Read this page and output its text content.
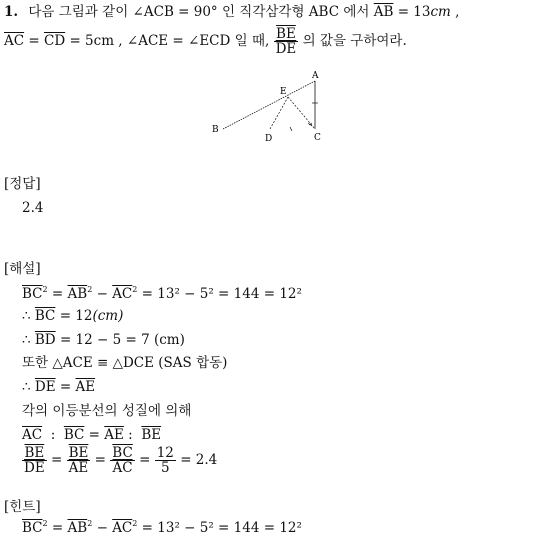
1. 다음 그림과 같이 ∠ACB = 90° 인 직각삼각형 ABC 에서 $\overline{AB} = 13cm$ ,
$\overline{AC} = \overline{CD} = 5cm$ , ∠ACE = ∠ECD 일 때, $\frac{\overline{BE}}{DE}$ 의 값을 구하여라.
A
E
B
D	C
[정답]
2.4
[해설]
$\overline{BC}^2 = \overline{AB}^2 - \overline{AC}^2 = 13^2 - 5^2 = 144 = 12^2$
∴ $\overline{BC} = 12(cm)$
∴ $\overline{BD} = 12 - 5 = 7$ (cm)
또한 △ACE ≡ △DCE (SAS 합동)
∴ $\overline{DE} = \overline{AE}$
각의 이등분선의 성질에 의해
$\overline{AC}$ : $\overline{BC} = \overline{AE}$ : $\overline{BE}$
$\frac{\overline{BE}}{DE} = \frac{\overline{BE}}{AE} = \frac{\overline{BC}}{AC} = \frac{12}{5} = 2.4$
[힌트]
$\overline{BC}^2 = \overline{AB}^2 - \overline{AC}^2 = 13^2 - 5^2 = 144 = 12^2$
